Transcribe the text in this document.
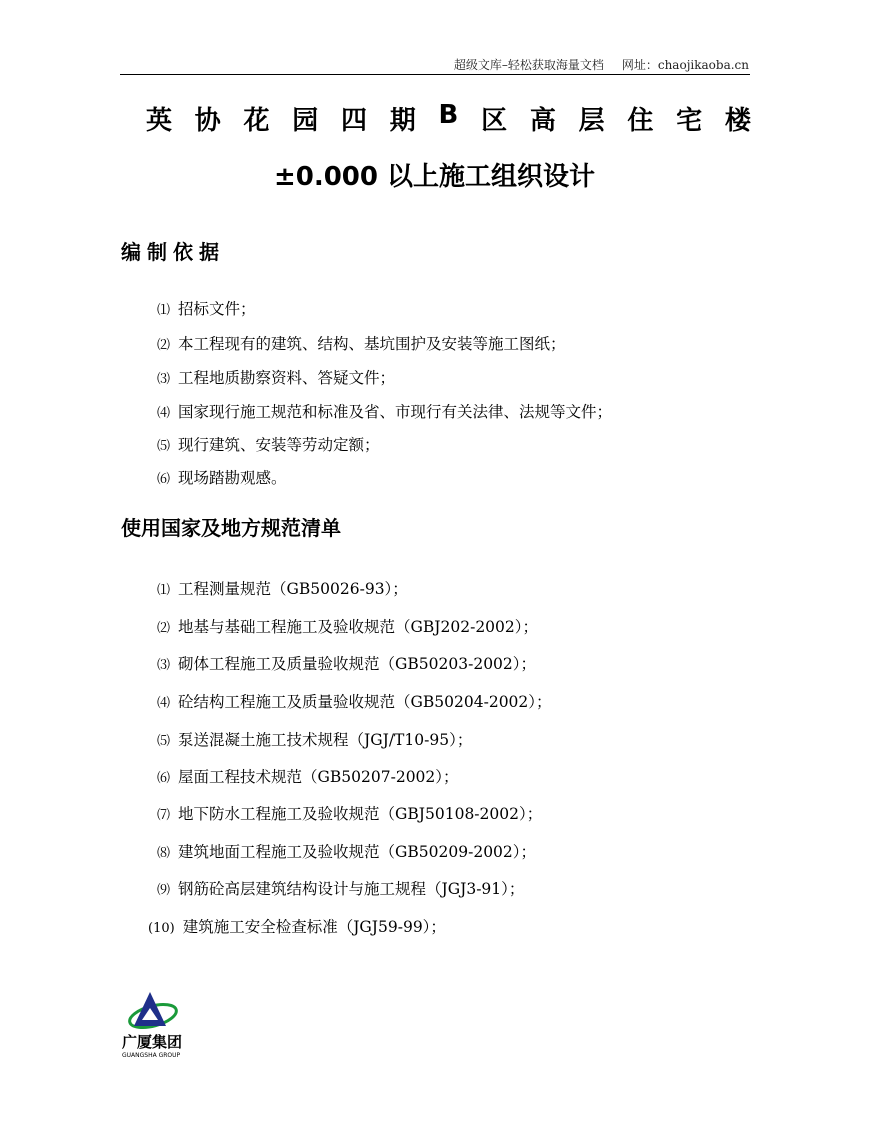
超级文库–轻松获取海量文档 网址：chaojikaoba.cn
英 协 花 园 四 期 B 区 高 层 住 宅 楼
±0.000 以上施工组织设计
编制依据
⑴ 招标文件；
⑵ 本工程现有的建筑、结构、基坑围护及安装等施工图纸；
⑶ 工程地质勘察资料、答疑文件；
⑷ 国家现行施工规范和标准及省、市现行有关法律、法规等文件；
⑸ 现行建筑、安装等劳动定额；
⑹ 现场踏勘观感。
使用国家及地方规范清单
⑴ 工程测量规范（GB50026-93）；
⑵ 地基与基础工程施工及验收规范（GBJ202-2002）；
⑶ 砌体工程施工及质量验收规范（GB50203-2002）；
⑷ 砼结构工程施工及质量验收规范（GB50204-2002）；
⑸ 泵送混凝土施工技术规程（JGJ/T10-95）；
⑹ 屋面工程技术规范（GB50207-2002）；
⑺ 地下防水工程施工及验收规范（GBJ50108-2002）；
⑻ 建筑地面工程施工及验收规范（GB50209-2002）；
⑼ 钢筋砼高层建筑结构设计与施工规程（JGJ3-91）；
(10) 建筑施工安全检查标准（JGJ59-99）；
广厦集团
GUANGSHA GROUP
